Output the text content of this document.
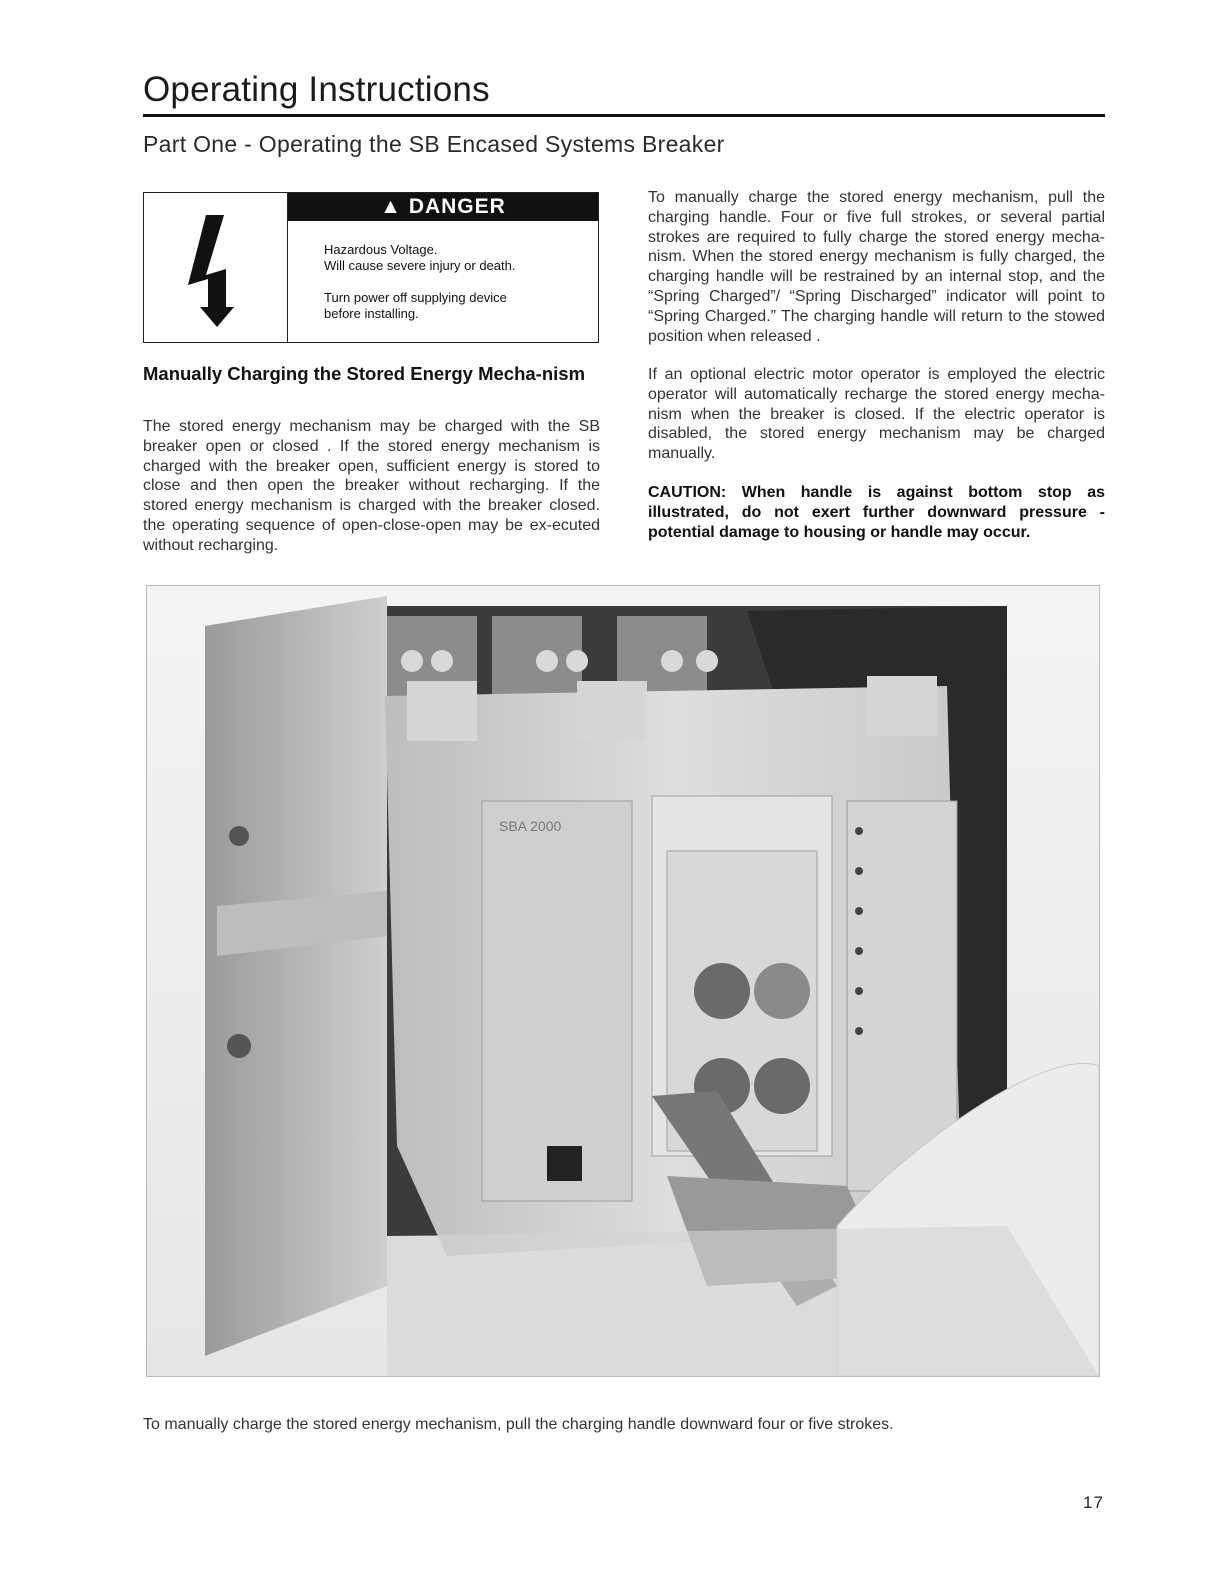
Operating Instructions
Part One - Operating the SB Encased Systems Breaker
▲ DANGER
Hazardous Voltage.
Will cause severe injury or death.
Turn power off supplying device
before installing.
Manually Charging the Stored Energy Mecha-nism
The stored energy mechanism may be charged with the SB breaker open or closed . If the stored energy mechanism is charged with the breaker open, sufficient energy is stored to close and then open the breaker without recharging. If the stored energy mechanism is charged with the breaker closed. the operating sequence of open-close-open may be ex-ecuted without recharging.
To manually charge the stored energy mechanism, pull the charging handle. Four or five full strokes, or several partial strokes are required to fully charge the stored energy mecha-nism. When the stored energy mechanism is fully charged, the charging handle will be restrained by an internal stop, and the “Spring Charged”/ “Spring Discharged” indicator will point to “Spring Charged.” The charging handle will return to the stowed position when released .
If an optional electric motor operator is employed the electric operator will automatically recharge the stored energy mecha-nism when the breaker is closed. If the electric operator is disabled, the stored energy mechanism may be charged manually.
CAUTION: When handle is against bottom stop as illustrated, do not exert further downward pressure - potential damage to housing or handle may occur.
SBA 2000
To manually charge the stored energy mechanism, pull the charging handle downward four or five strokes.
17
